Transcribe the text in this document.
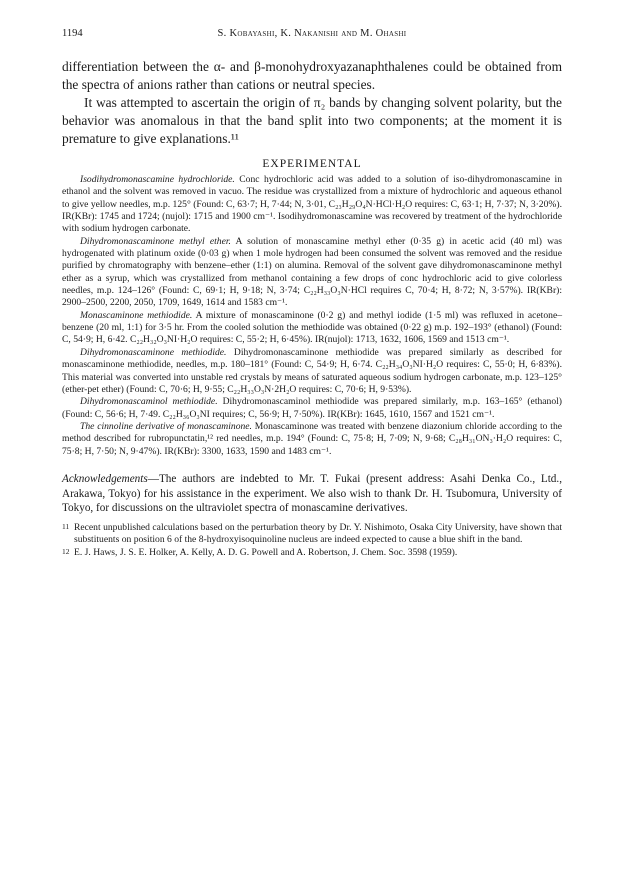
1194	S. Kobayashi, K. Nakanishi and M. Ohashi

differentiation between the α- and β-monohydroxyazanaphthalenes could be obtained from the spectra of anions rather than cations or neutral species.

It was attempted to ascertain the origin of π₂ bands by changing solvent polarity, but the behavior was anomalous in that the band split into two components; at the moment it is premature to give explanations.¹¹

EXPERIMENTAL

Isodihydromonascamine hydrochloride. Conc hydrochloric acid was added to a solution of iso-dihydromonascamine in ethanol and the solvent was removed in vacuo. The residue was crystallized from a mixture of hydrochloric and aqueous ethanol to give yellow needles, m.p. 125° (Found: C, 63·7; H, 7·44; N, 3·01, C₂₃H₂₉O₄N·HCl·H₂O requires: C, 63·1; H, 7·37; N, 3·20%). IR(KBr): 1745 and 1724; (nujol): 1715 and 1900 cm⁻¹. Isodihydromonascamine was recovered by treatment of the hydrochloride with sodium hydrogen carbonate.

Dihydromonascaminone methyl ether. A solution of monascamine methyl ether (0·35 g) in acetic acid (40 ml) was hydrogenated with platinum oxide (0·03 g) when 1 mole hydrogen had been consumed the solvent was removed and the residue purified by chromatography with benzene–ether (1:1) on alumina. Removal of the solvent gave dihydromonascaminone methyl ether as a syrup, which was crystallized from methanol containing a few drops of conc hydrochloric acid to give colorless needles, m.p. 124–126° (Found: C, 69·1; H, 9·18; N, 3·74; C₂₂H₃₃O₃N·HCl requires C, 70·4; H, 8·72; N, 3·57%). IR(KBr): 2900–2500, 2200, 2050, 1709, 1649, 1614 and 1583 cm⁻¹.

Monascaminone methiodide. A mixture of monascaminone (0·2 g) and methyl iodide (1·5 ml) was refluxed in acetone–benzene (20 ml, 1:1) for 3·5 hr. From the cooled solution the methiodide was obtained (0·22 g) m.p. 192–193° (ethanol) (Found: C, 54·9; H, 6·42. C₂₂H₃₂O₃NI·H₂O requires: C, 55·2; H, 6·45%). IR(nujol): 1713, 1632, 1606, 1569 and 1513 cm⁻¹.

Dihydromonascaminone methiodide. Dihydromonascaminone methiodide was prepared similarly as described for monascaminone methiodide, needles, m.p. 180–181° (Found: C, 54·9; H, 6·74. C₂₂H₃₄O₃NI·H₂O requires: C, 55·0; H, 6·83%). This material was converted into unstable red crystals by means of saturated aqueous sodium hydrogen carbonate, m.p. 123–125° (ether-pet ether) (Found: C, 70·6; H, 9·55; C₂₂H₃₃O₃N·2H₂O requires: C, 70·6; H, 9·53%).

Dihydromonascaminol methiodide. Dihydromonascaminol methiodide was prepared similarly, m.p. 163–165° (ethanol) (Found: C, 56·6; H, 7·49. C₂₂H₃₆O₃NI requires; C, 56·9; H, 7·50%). IR(KBr): 1645, 1610, 1567 and 1521 cm⁻¹.

The cinnoline derivative of monascaminone. Monascaminone was treated with benzene diazonium chloride according to the method described for rubropunctatin,¹² red needles, m.p. 194° (Found: C, 75·8; H, 7·09; N, 9·68; C₂₈H₃₁ON₃·H₂O requires: C, 75·8; H, 7·50; N, 9·47%). IR(KBr): 3300, 1633, 1590 and 1483 cm⁻¹.

Acknowledgements—The authors are indebted to Mr. T. Fukai (present address: Asahi Denka Co., Ltd., Arakawa, Tokyo) for his assistance in the experiment. We also wish to thank Dr. H. Tsubomura, University of Tokyo, for discussions on the ultraviolet spectra of monascamine derivatives.
11 Recent unpublished calculations based on the perturbation theory by Dr. Y. Nishimoto, Osaka City University, have shown that substituents on position 6 of the 8-hydroxyisoquinoline nucleus are indeed expected to cause a blue shift in the band.
12 E. J. Haws, J. S. E. Holker, A. Kelly, A. D. G. Powell and A. Robertson, J. Chem. Soc. 3598 (1959).
